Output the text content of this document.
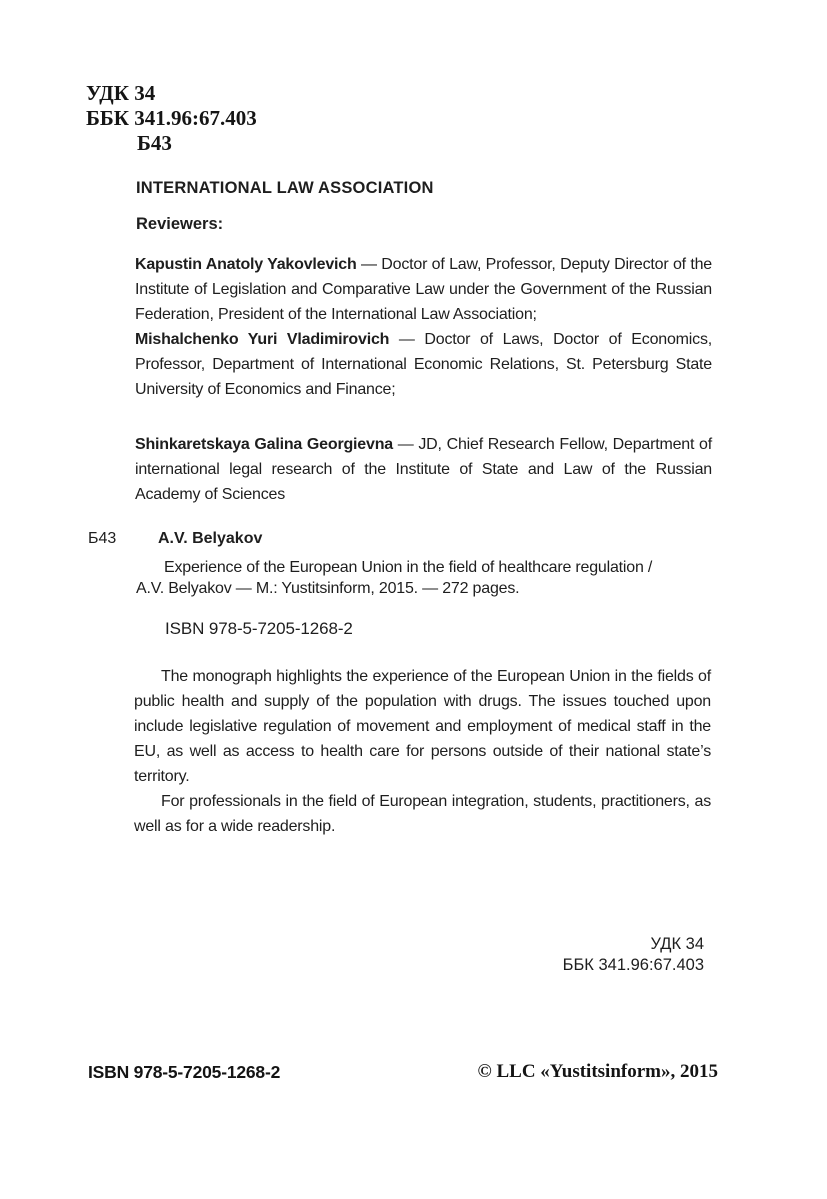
УДК 34
ББК 341.96:67.403
Б43
INTERNATIONAL LAW ASSOCIATION
Reviewers:

Kapustin Anatoly Yakovlevich — Doctor of Law, Professor, Deputy Director of the Institute of Legislation and Comparative Law under the Government of the Russian Federation, President of the International Law Association;

Mishalchenko Yuri Vladimirovich — Doctor of Laws, Doctor of Economics, Professor, Department of International Economic Relations, St. Petersburg State University of Economics and Finance;

Shinkaretskaya Galina Georgievna — JD, Chief Research Fellow, Department of international legal research of the Institute of State and Law of the Russian Academy of Sciences

Б43	A.V. Belyakov
Experience of the European Union in the field of healthcare regulation /
A.V. Belyakov — M.: Yustitsinform, 2015. — 272 pages.
ISBN 978-5-7205-1268-2

The monograph highlights the experience of the European Union in the fields of public health and supply of the population with drugs. The issues touched upon include legislative regulation of movement and employment of medical staff in the EU, as well as access to health care for persons outside of their national state’s territory.

For professionals in the field of European integration, students, practitioners, as well as for a wide readership.

УДК 34
ББК 341.96:67.403
ISBN 978-5-7205-1268-2	© LLC «Yustitsinform», 2015
